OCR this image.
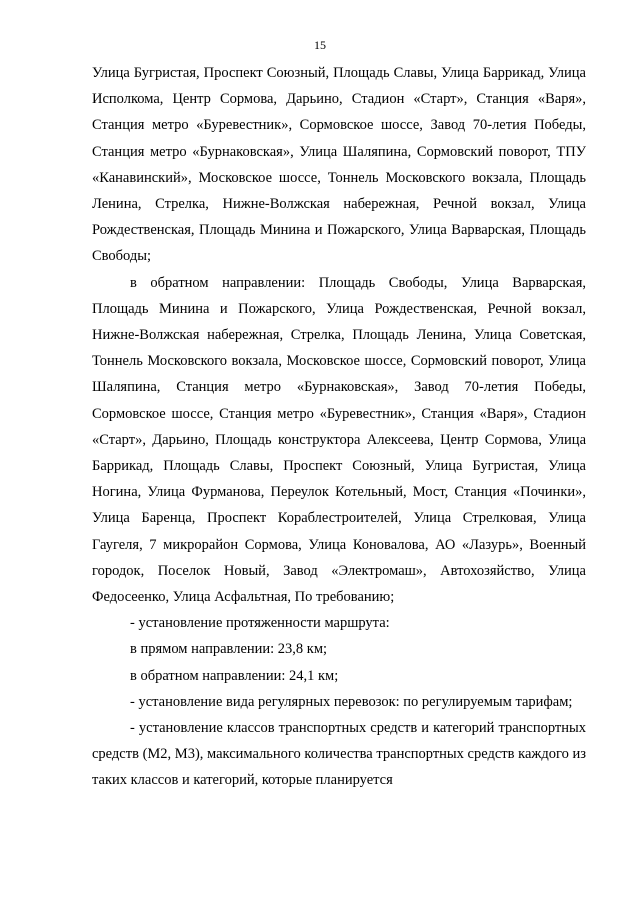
15

Улица Бугристая, Проспект Союзный, Площадь Славы, Улица Баррикад, Улица Исполкома, Центр Сормова, Дарьино, Стадион «Старт», Станция «Варя», Станция метро «Буревестник», Сормовское шоссе, Завод 70-летия Победы, Станция метро «Бурнаковская», Улица Шаляпина, Сормовский поворот, ТПУ «Канавинский», Московское шоссе, Тоннель Московского вокзала, Площадь Ленина, Стрелка, Нижне-Волжская набережная, Речной вокзал, Улица Рождественская, Площадь Минина и Пожарского, Улица Варварская, Площадь Свободы;

в обратном направлении: Площадь Свободы, Улица Варварская, Площадь Минина и Пожарского, Улица Рождественская, Речной вокзал, Нижне-Волжская набережная, Стрелка, Площадь Ленина, Улица Советская, Тоннель Московского вокзала, Московское шоссе, Сормовский поворот, Улица Шаляпина, Станция метро «Бурнаковская», Завод 70-летия Победы, Сормовское шоссе, Станция метро «Буревестник», Станция «Варя», Стадион «Старт», Дарьино, Площадь конструктора Алексеева, Центр Сормова, Улица Баррикад, Площадь Славы, Проспект Союзный, Улица Бугристая, Улица Ногина, Улица Фурманова, Переулок Котельный, Мост, Станция «Починки», Улица Баренца, Проспект Кораблестроителей, Улица Стрелковая, Улица Гаугеля, 7 микрорайон Сормова, Улица Коновалова, АО «Лазурь», Военный городок, Поселок Новый, Завод «Электромаш», Автохозяйство, Улица Федосеенко, Улица Асфальтная, По требованию;

- установление протяженности маршрута:

в прямом направлении: 23,8 км;

в обратном направлении: 24,1 км;

- установление вида регулярных перевозок: по регулируемым тарифам;

- установление классов транспортных средств и категорий транспортных средств (М2, М3), максимального количества транспортных средств каждого из таких классов и категорий, которые планируется
